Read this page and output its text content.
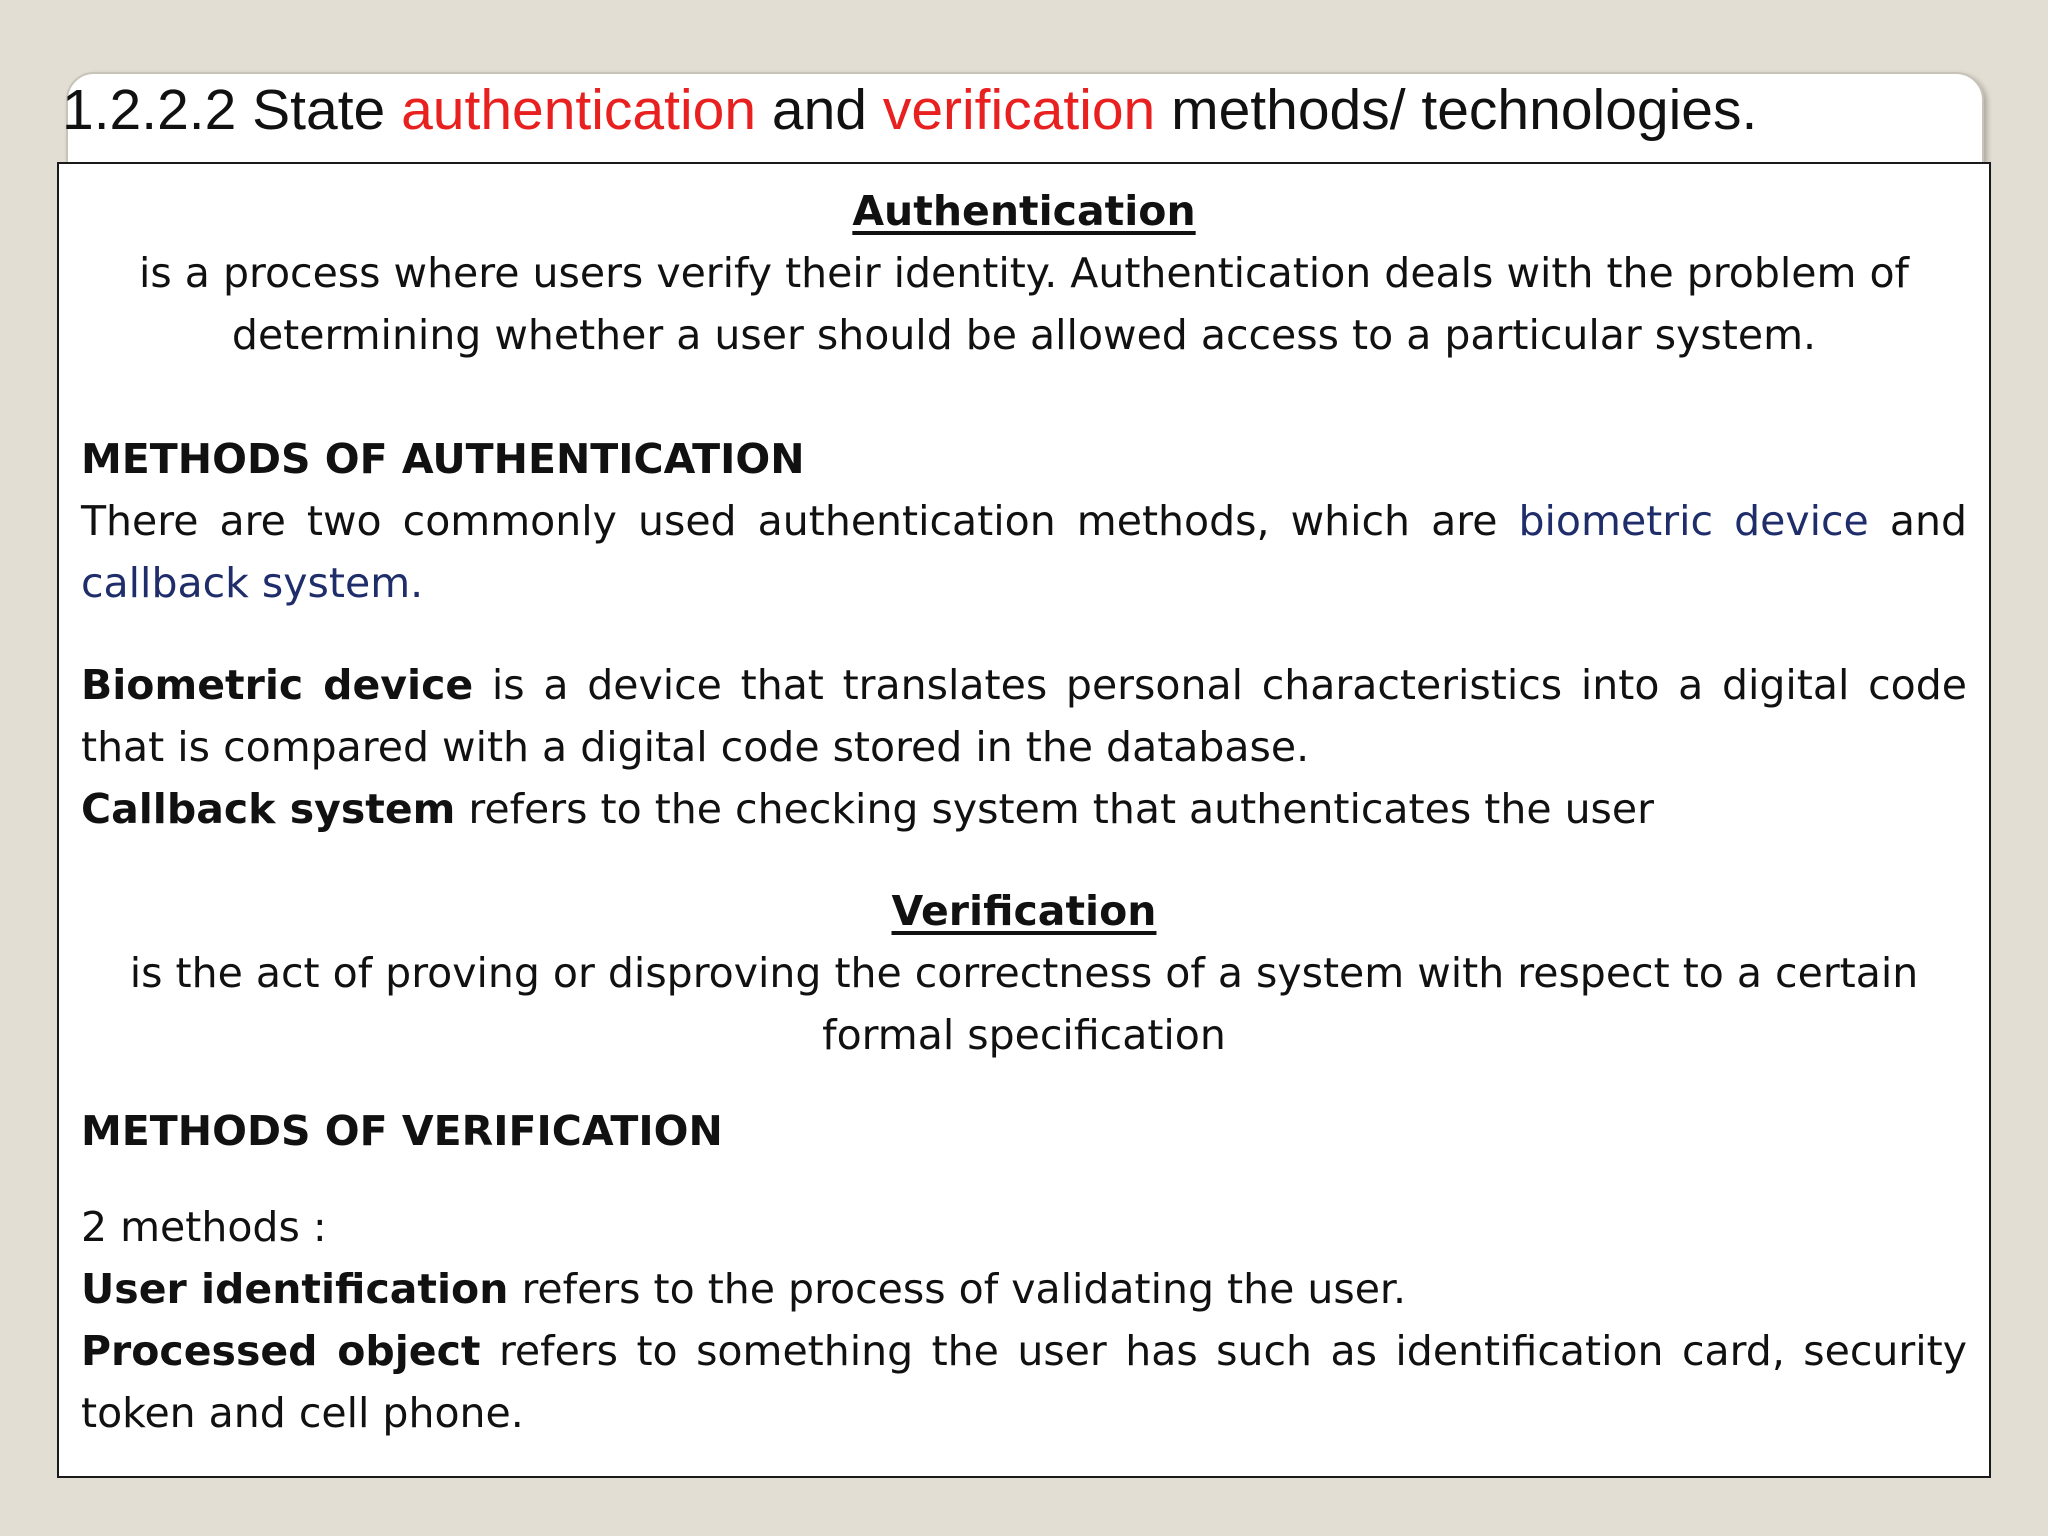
1.2.2.2 State authentication and verification methods/ technologies.

Authentication

is a process where users verify their identity. Authentication deals with the problem of determining whether a user should be allowed access to a particular system.

METHODS OF AUTHENTICATION

There are two commonly used authentication methods, which are biometric device and callback system.

Biometric device is a device that translates personal characteristics into a digital code that is compared with a digital code stored in the database.

Callback system refers to the checking system that authenticates the user

Verification

is the act of proving or disproving the correctness of a system with respect to a certain formal specification

METHODS OF VERIFICATION

2 methods :

User identification refers to the process of validating the user.

Processed object refers to something the user has such as identification card, security token and cell phone.
